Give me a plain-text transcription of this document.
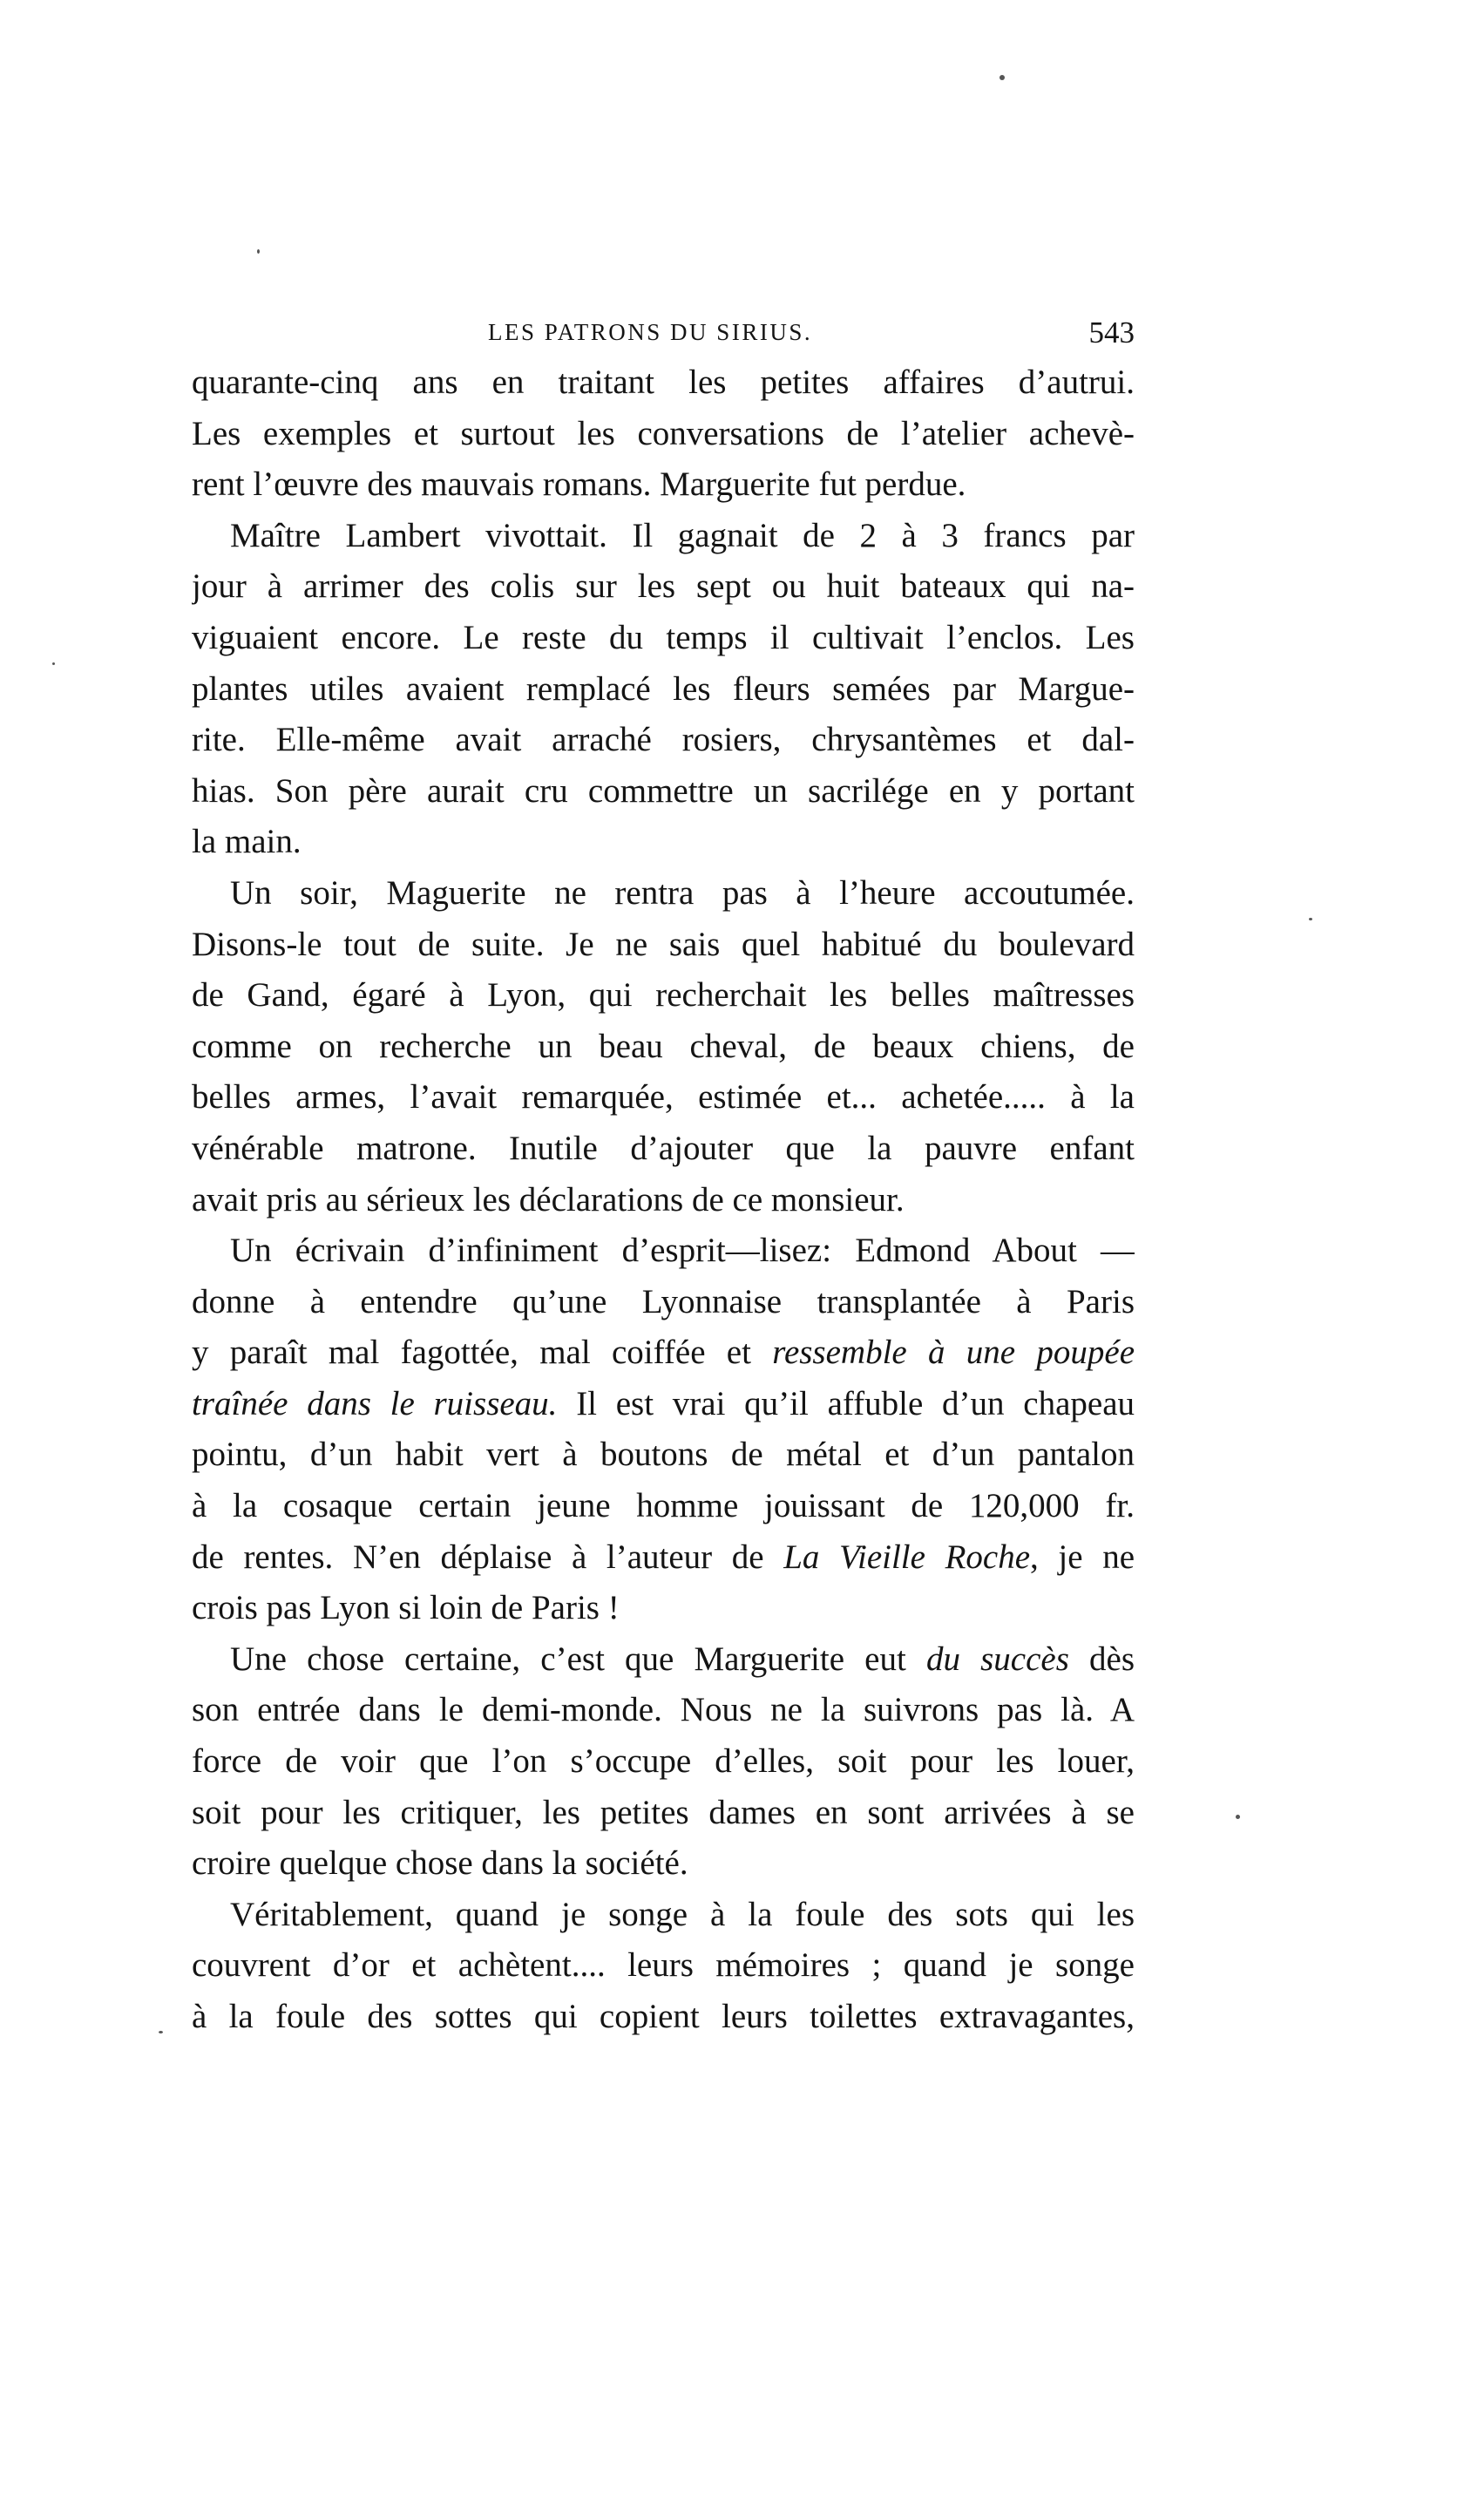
LES PATRONS DU SIRIUS.	543
quarante-cinq ans en traitant les petites affaires d’autrui.
Les exemples et surtout les conversations de l’atelier achevè-
rent l’œuvre des mauvais romans. Marguerite fut perdue.
Maître Lambert vivottait. Il gagnait de 2 à 3 francs par
jour à arrimer des colis sur les sept ou huit bateaux qui na-
viguaient encore. Le reste du temps il cultivait l’enclos. Les
plantes utiles avaient remplacé les fleurs semées par Margue-
rite. Elle-même avait arraché rosiers, chrysantèmes et dal-
hias. Son père aurait cru commettre un sacrilége en y portant
la main.
Un soir, Maguerite ne rentra pas à l’heure accoutumée.
Disons-le tout de suite. Je ne sais quel habitué du boulevard
de Gand, égaré à Lyon, qui recherchait les belles maîtresses
comme on recherche un beau cheval, de beaux chiens, de
belles armes, l’avait remarquée, estimée et... achetée..... à la
vénérable matrone. Inutile d’ajouter que la pauvre enfant
avait pris au sérieux les déclarations de ce monsieur.
Un écrivain d’infiniment d’esprit—lisez: Edmond About —
donne à entendre qu’une Lyonnaise transplantée à Paris
y paraît mal fagottée, mal coiffée et ressemble à une poupée
traînée dans le ruisseau. Il est vrai qu’il affuble d’un chapeau
pointu, d’un habit vert à boutons de métal et d’un pantalon
à la cosaque certain jeune homme jouissant de 120,000 fr.
de rentes. N’en déplaise à l’auteur de La Vieille Roche, je ne
crois pas Lyon si loin de Paris !
Une chose certaine, c’est que Marguerite eut du succès dès
son entrée dans le demi-monde. Nous ne la suivrons pas là. A
force de voir que l’on s’occupe d’elles, soit pour les louer,
soit pour les critiquer, les petites dames en sont arrivées à se
croire quelque chose dans la société.
Véritablement, quand je songe à la foule des sots qui les
couvrent d’or et achètent.... leurs mémoires ; quand je songe
à la foule des sottes qui copient leurs toilettes extravagantes,
